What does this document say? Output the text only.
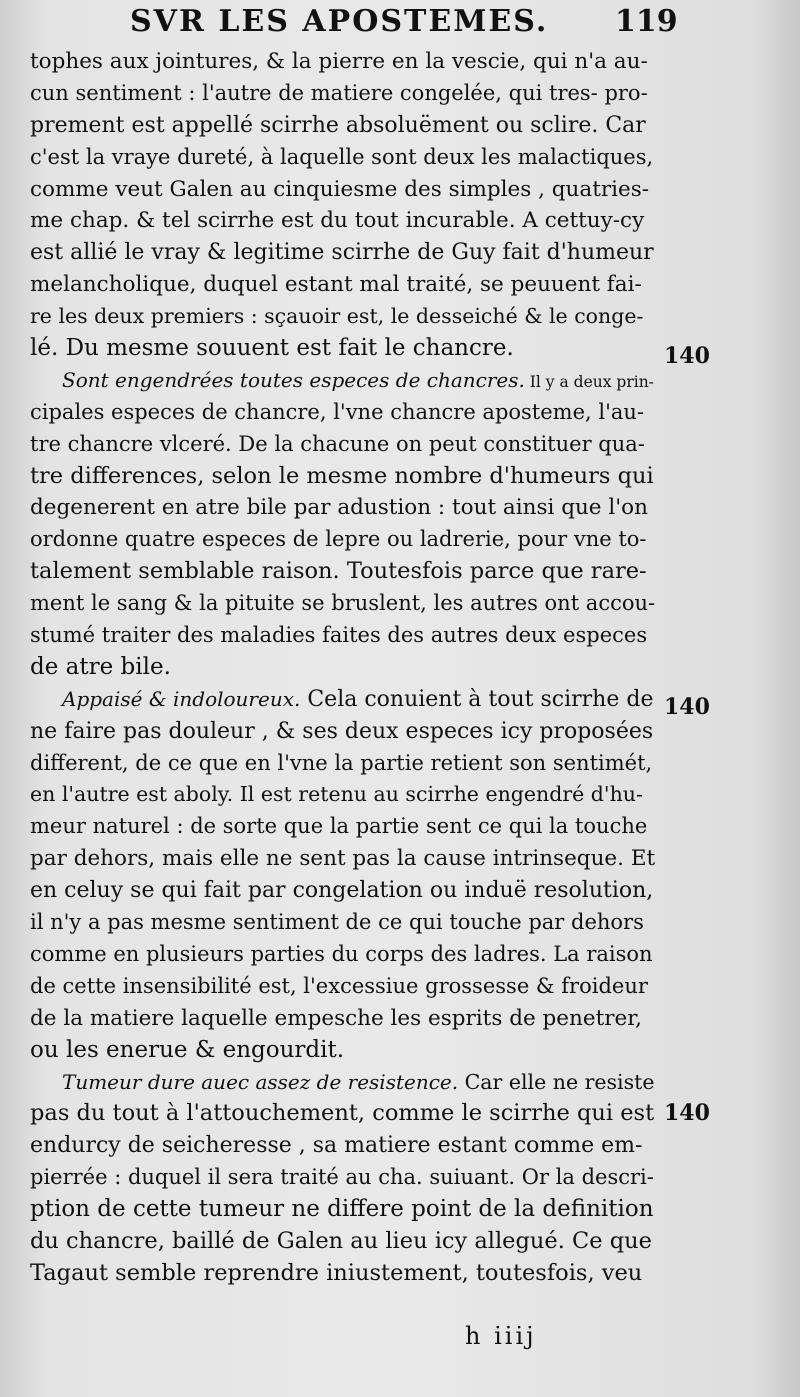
SVR LES APOSTEMES. 119
tophes aux jointures, & la pierre en la vescie, qui n'a au-
cun sentiment : l'autre de matiere congelée, qui tres- pro-
prement est appellé scirrhe absoluëment ou sclire. Car
c'est la vraye dureté, à laquelle sont deux les malactiques,
comme veut Galen au cinquiesme des simples , quatries-
me chap. & tel scirrhe est du tout incurable. A cettuy-cy
est allié le vray & legitime scirrhe de Guy fait d'humeur
melancholique, duquel estant mal traité, se peuuent fai-
re les deux premiers : sçauoir est, le desseiché & le conge-
lé. Du mesme souuent est fait le chancre.
Sont engendrées toutes especes de chancres. Il y a deux prin-
cipales especes de chancre, l'vne chancre aposteme, l'au-
tre chancre vlceré. De la chacune on peut constituer qua-
tre differences, selon le mesme nombre d'humeurs qui
degenerent en atre bile par adustion : tout ainsi que l'on
ordonne quatre especes de lepre ou ladrerie, pour vne to-
talement semblable raison. Toutesfois parce que rare-
ment le sang & la pituite se bruslent, les autres ont accou-
stumé traiter des maladies faites des autres deux especes
de atre bile.
Appaisé & indoloureux. Cela conuient à tout scirrhe de
ne faire pas douleur , & ses deux especes icy proposées
different, de ce que en l'vne la partie retient son sentimét,
en l'autre est aboly. Il est retenu au scirrhe engendré d'hu-
meur naturel : de sorte que la partie sent ce qui la touche
par dehors, mais elle ne sent pas la cause intrinseque. Et
en celuy se qui fait par congelation ou induë resolution,
il n'y a pas mesme sentiment de ce qui touche par dehors
comme en plusieurs parties du corps des ladres. La raison
de cette insensibilité est, l'excessiue grossesse & froideur
de la matiere laquelle empesche les esprits de penetrer,
ou les enerue & engourdit.
Tumeur dure auec assez de resistence. Car elle ne resiste
pas du tout à l'attouchement, comme le scirrhe qui est
endurcy de seicheresse , sa matiere estant comme em-
pierrée : duquel il sera traité au cha. suiuant. Or la descri-
ption de cette tumeur ne differe point de la definition
du chancre, baillé de Galen au lieu icy allegué. Ce que
Tagaut semble reprendre iniustement, toutesfois, veu
140
140
140
h iiij
